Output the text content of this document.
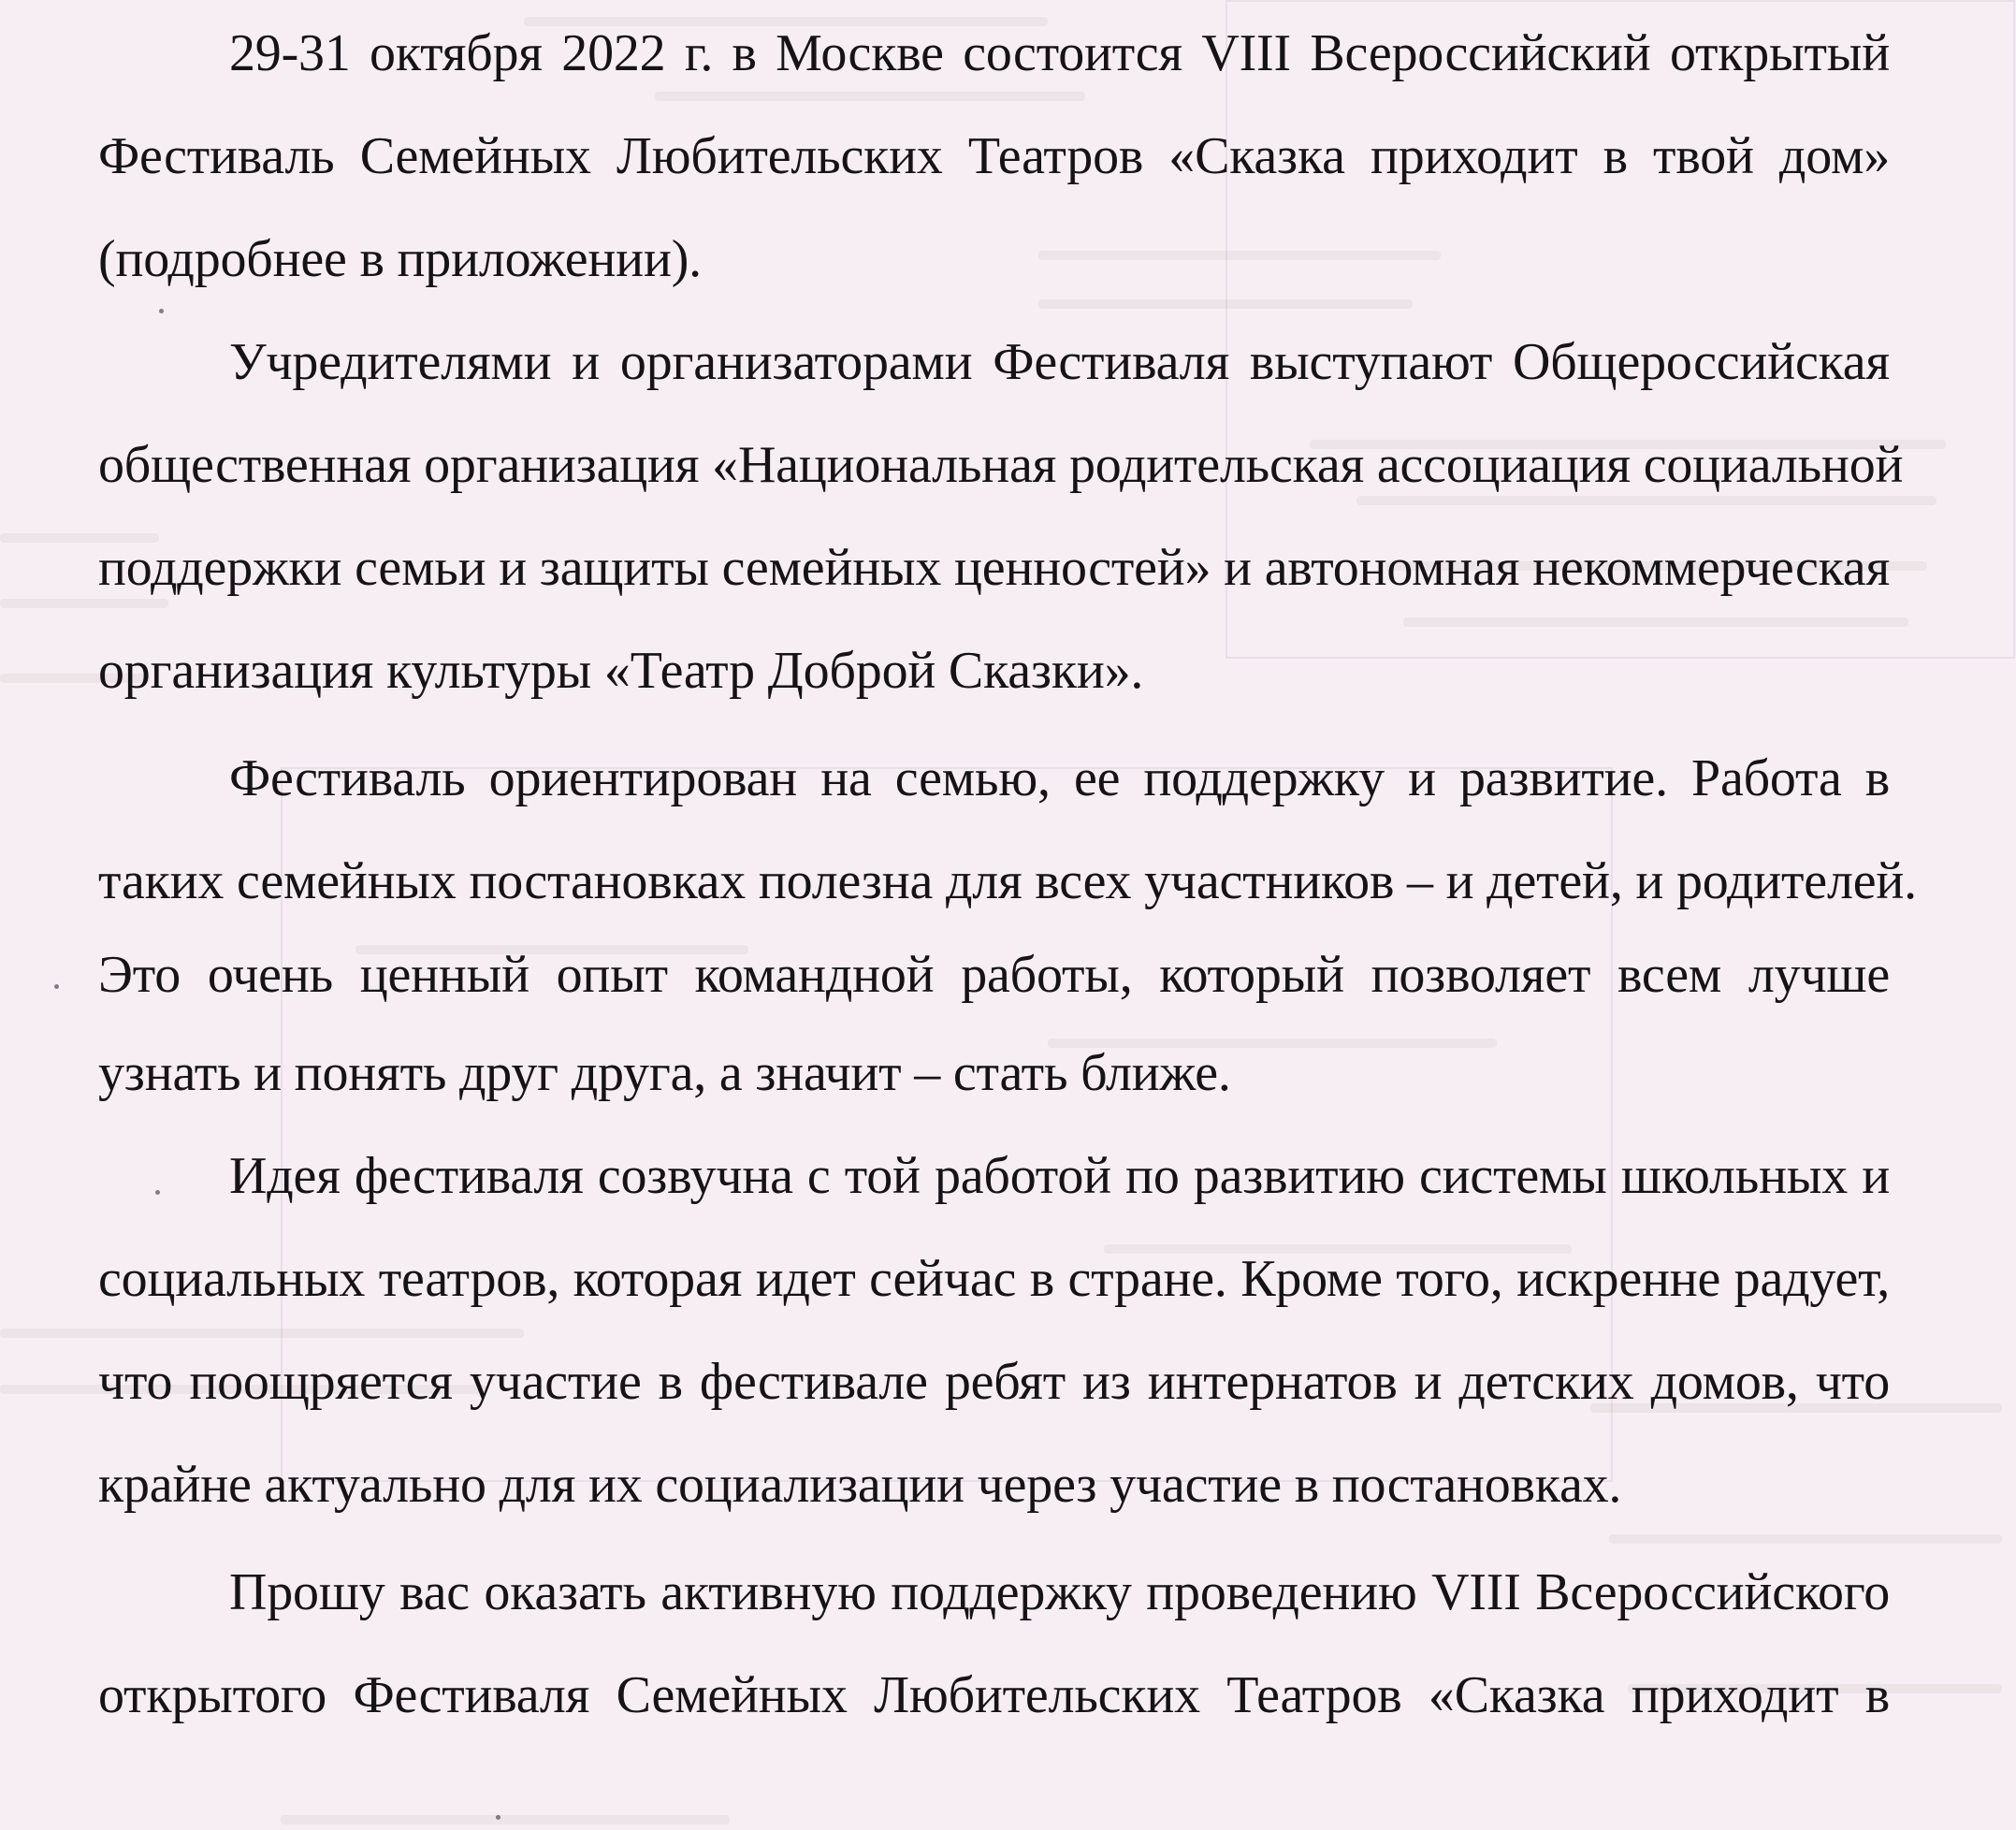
29-31 октября 2022 г. в Москве состоится VIII Всероссийский открытый
Фестиваль Семейных Любительских Театров «Сказка приходит в твой дом»
(подробнее в приложении).
Учредителями и организаторами Фестиваля выступают Общероссийская
общественная организация «Национальная родительская ассоциация социальной
поддержки семьи и защиты семейных ценностей» и автономная некоммерческая
организация культуры «Театр Доброй Сказки».
Фестиваль ориентирован на семью, ее поддержку и развитие. Работа в
таких семейных постановках полезна для всех участников – и детей, и родителей.
Это очень ценный опыт командной работы, который позволяет всем лучше
узнать и понять друг друга, а значит – стать ближе.
Идея фестиваля созвучна с той работой по развитию системы школьных и
социальных театров, которая идет сейчас в стране. Кроме того, искренне радует,
что поощряется участие в фестивале ребят из интернатов и детских домов, что
крайне актуально для их социализации через участие в постановках.
Прошу вас оказать активную поддержку проведению VIII Всероссийского
открытого Фестиваля Семейных Любительских Театров «Сказка приходит в
